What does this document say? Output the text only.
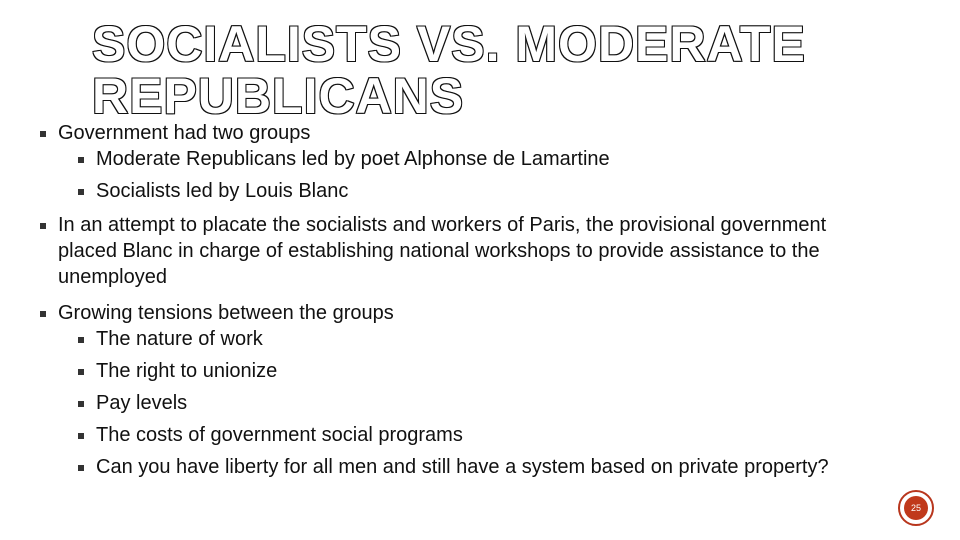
SOCIALISTS VS. MODERATE REPUBLICANS
Government had two groups
Moderate Republicans led by poet Alphonse de Lamartine
Socialists led by Louis Blanc
In an attempt to placate the socialists and workers of Paris, the provisional government placed Blanc in charge of establishing national workshops to provide assistance to the unemployed
Growing tensions between the groups
The nature of work
The right to unionize
Pay levels
The costs of government social programs
Can you have liberty for all men and still have a system based on private property?
25
